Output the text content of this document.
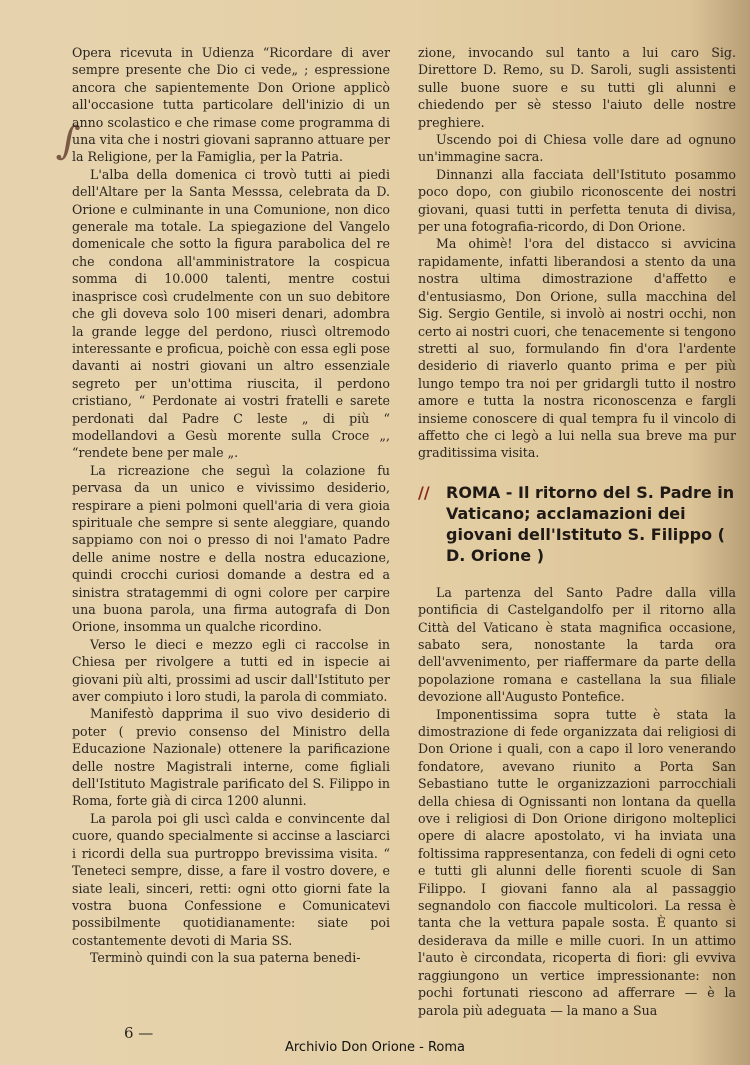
∫

Opera ricevuta in Udienza “Ricordare di aver sempre presente che Dio ci vede„ ; espressione ancora che sapientemente Don Orione applicò all'occasione tutta particolare dell'inizio di un anno scolastico e che rimase come programma di una vita che i nostri giovani sapranno attuare per la Religione, per la Famiglia, per la Patria.

L'alba della domenica ci trovò tutti ai piedi dell'Altare per la Santa Messsa, celebrata da D. Orione e culminante in una Comunione, non dico generale ma totale. La spiegazione del Vangelo domenicale che sotto la figura parabolica del re che condona all'amministratore la cospicua somma di 10.000 talenti, mentre costui inasprisce così crudelmente con un suo debitore che gli doveva solo 100 miseri denari, adombra la grande legge del perdono, riuscì oltremodo interessante e proficua, poichè con essa egli pose davanti ai nostri giovani un altro essenziale segreto per un'ottima riuscita, il perdono cristiano, “ Perdonate ai vostri fratelli e sarete perdonati dal Padre C leste „ di più “ modellandovi a Gesù morente sulla Croce „, “rendete bene per male „.

La ricreazione che seguì la colazione fu pervasa da un unico e vivissimo desiderio, respirare a pieni polmoni quell'aria di vera gioia spirituale che sempre si sente aleggiare, quando sappiamo con noi o presso di noi l'amato Padre delle anime nostre e della nostra educazione, quindi crocchi curiosi domande a destra ed a sinistra stratagemmi di ogni colore per carpire una buona parola, una firma autografa di Don Orione, insomma un qualche ricordino.

Verso le dieci e mezzo egli ci raccolse in Chiesa per rivolgere a tutti ed in ispecie ai giovani più alti, prossimi ad uscir dall'Istituto per aver compiuto i loro studi, la parola di commiato.

Manifestò dapprima il suo vivo desiderio di poter ( previo consenso del Ministro della Educazione Nazionale) ottenere la parificazione delle nostre Magistrali interne, come figliali dell'Istituto Magistrale parificato del S. Filippo in Roma, forte già di circa 1200 alunni.

La parola poi gli uscì calda e convincente dal cuore, quando specialmente si accinse a lasciarci i ricordi della sua purtroppo brevissima visita. “ Teneteci sempre, disse, a fare il vostro dovere, e siate leali, sinceri, retti: ogni otto giorni fate la vostra buona Confessione e Comunicatevi possibilmente quotidianamente: siate poi costantemente devoti di Maria SS.

Terminò quindi con la sua paterna benedi-

zione, invocando sul tanto a lui caro Sig. Direttore D. Remo, su D. Saroli, sugli assistenti sulle buone suore e su tutti gli alunni e chiedendo per sè stesso l'aiuto delle nostre preghiere.

Uscendo poi di Chiesa volle dare ad ognuno un'immagine sacra.

Dinnanzi alla facciata dell'Istituto posammo poco dopo, con giubilo riconoscente dei nostri giovani, quasi tutti in perfetta tenuta di divisa, per una fotografia-ricordo, di Don Orione.

Ma ohimè! l'ora del distacco si avvicina rapidamente, infatti liberandosi a stento da una nostra ultima dimostrazione d'affetto e d'entusiasmo, Don Orione, sulla macchina del Sig. Sergio Gentile, si involò ai nostri occhi, non certo ai nostri cuori, che tenacemente si tengono stretti al suo, formulando fin d'ora l'ardente desiderio di riaverlo quanto prima e per più lungo tempo tra noi per gridargli tutto il nostro amore e tutta la nostra riconoscenza e fargli insieme conoscere di qual tempra fu il vincolo di affetto che ci legò a lui nella sua breve ma pur graditissima visita.

// ROMA - Il ritorno del S. Padre in Vaticano; acclamazioni dei giovani dell'Istituto S. Filippo ( D. Orione )

La partenza del Santo Padre dalla villa pontificia di Castelgandolfo per il ritorno alla Città del Vaticano è stata magnifica occasione, sabato sera, nonostante la tarda ora dell'avvenimento, per riaffermare da parte della popolazione romana e castellana la sua filiale devozione all'Augusto Pontefice.

Imponentissima sopra tutte è stata la dimostrazione di fede organizzata dai religiosi di Don Orione i quali, con a capo il loro venerando fondatore, avevano riunito a Porta San Sebastiano tutte le organizzazioni parrocchiali della chiesa di Ognissanti non lontana da quella ove i religiosi di Don Orione dirigono molteplici opere di alacre apostolato, vi ha inviata una foltissima rappresentanza, con fedeli di ogni ceto e tutti gli alunni delle fiorenti scuole di San Filippo. I giovani fanno ala al passaggio segnandolo con fiaccole multicolori. La ressa è tanta che la vettura papale sosta. È quanto si desiderava da mille e mille cuori. In un attimo l'auto è circondata, ricoperta di fiori: gli evviva raggiungono un vertice impressionante: non pochi fortunati riescono ad afferrare — è la parola più adeguata — la mano a Sua

6 —
Archivio Don Orione - Roma
